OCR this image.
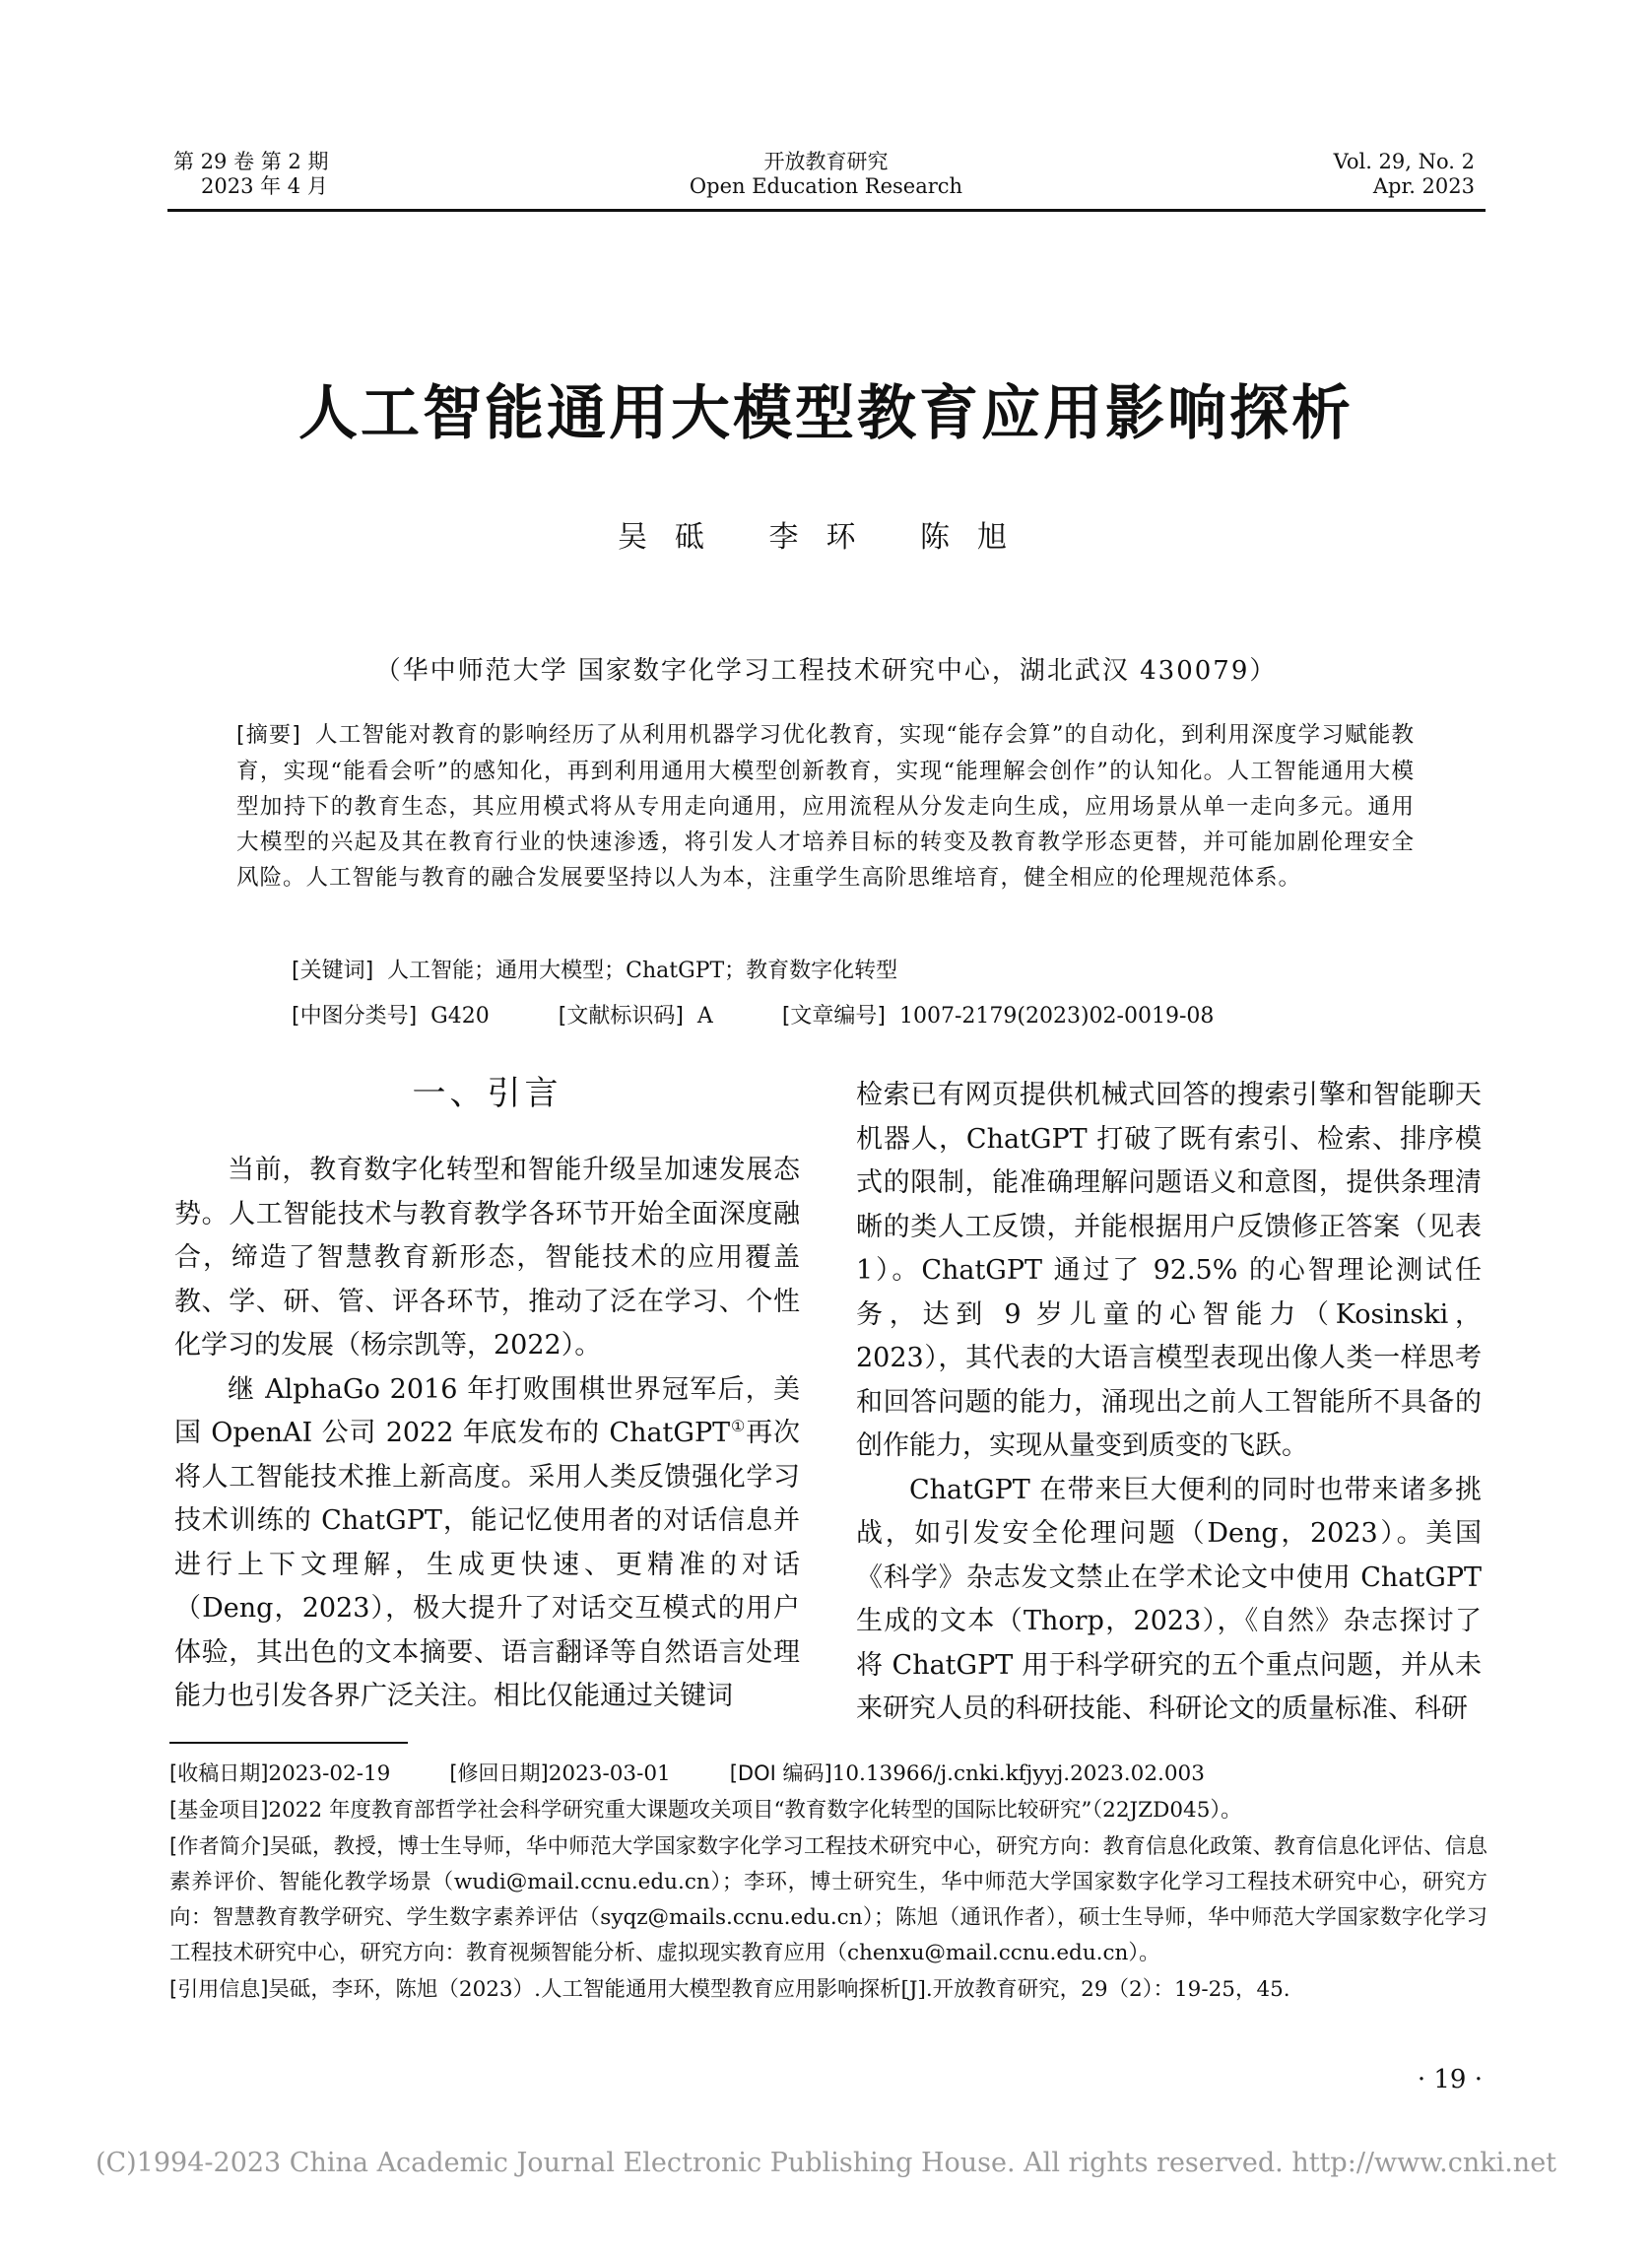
第 29 卷 第 2 期
2023 年 4 月
开放教育研究
Open Education Research
Vol. 29, No. 2
Apr. 2023
人工智能通用大模型教育应用影响探析
吴砥 李环 陈旭
（华中师范大学 国家数字化学习工程技术研究中心，湖北武汉 430079）
[摘要] 人工智能对教育的影响经历了从利用机器学习优化教育，实现“能存会算”的自动化，到利用深度学习赋能教育，实现“能看会听”的感知化，再到利用通用大模型创新教育，实现“能理解会创作”的认知化。人工智能通用大模型加持下的教育生态，其应用模式将从专用走向通用，应用流程从分发走向生成，应用场景从单一走向多元。通用大模型的兴起及其在教育行业的快速渗透，将引发人才培养目标的转变及教育教学形态更替，并可能加剧伦理安全风险。人工智能与教育的融合发展要坚持以人为本，注重学生高阶思维培育，健全相应的伦理规范体系。
[关键词] 人工智能；通用大模型；ChatGPT；教育数字化转型
[中图分类号] G420	[文献标识码] A	[文章编号] 1007-2179(2023)02-0019-08
一、引言

当前，教育数字化转型和智能升级呈加速发展态势。人工智能技术与教育教学各环节开始全面深度融合，缔造了智慧教育新形态，智能技术的应用覆盖教、学、研、管、评各环节，推动了泛在学习、个性化学习的发展（杨宗凯等，2022）。

继 AlphaGo 2016 年打败围棋世界冠军后，美国 OpenAI 公司 2022 年底发布的 ChatGPT①再次将人工智能技术推上新高度。采用人类反馈强化学习技术训练的 ChatGPT，能记忆使用者的对话信息并进行上下文理解，生成更快速、更精准的对话（Deng，2023），极大提升了对话交互模式的用户体验，其出色的文本摘要、语言翻译等自然语言处理能力也引发各界广泛关注。相比仅能通过关键词

检索已有网页提供机械式回答的搜索引擎和智能聊天机器人，ChatGPT 打破了既有索引、检索、排序模式的限制，能准确理解问题语义和意图，提供条理清晰的类人工反馈，并能根据用户反馈修正答案（见表 1）。ChatGPT 通过了 92.5% 的心智理论测试任务，达到 9 岁儿童的心智能力（Kosinski，2023），其代表的大语言模型表现出像人类一样思考和回答问题的能力，涌现出之前人工智能所不具备的创作能力，实现从量变到质变的飞跃。

ChatGPT 在带来巨大便利的同时也带来诸多挑战，如引发安全伦理问题（Deng，2023）。美国《科学》杂志发文禁止在学术论文中使用 ChatGPT 生成的文本（Thorp，2023），《自然》杂志探讨了将 ChatGPT 用于科学研究的五个重点问题，并从未来研究人员的科研技能、科研论文的质量标准、科研

[收稿日期]2023-02-19	[修回日期]2023-03-01	[DOI 编码]10.13966/j.cnki.kfjyyj.2023.02.003

[基金项目]2022 年度教育部哲学社会科学研究重大课题攻关项目“教育数字化转型的国际比较研究”（22JZD045）。

[作者简介]吴砥，教授，博士生导师，华中师范大学国家数字化学习工程技术研究中心，研究方向：教育信息化政策、教育信息化评估、信息素养评价、智能化教学场景（wudi@mail.ccnu.edu.cn）；李环，博士研究生，华中师范大学国家数字化学习工程技术研究中心，研究方向：智慧教育教学研究、学生数字素养评估（syqz@mails.ccnu.edu.cn）；陈旭（通讯作者），硕士生导师，华中师范大学国家数字化学习工程技术研究中心，研究方向：教育视频智能分析、虚拟现实教育应用（chenxu@mail.ccnu.edu.cn）。

[引用信息]吴砥，李环，陈旭（2023）.人工智能通用大模型教育应用影响探析[J].开放教育研究，29（2）：19-25，45.

· 19 ·
(C)1994-2023 China Academic Journal Electronic Publishing House. All rights reserved. http://www.cnki.net
